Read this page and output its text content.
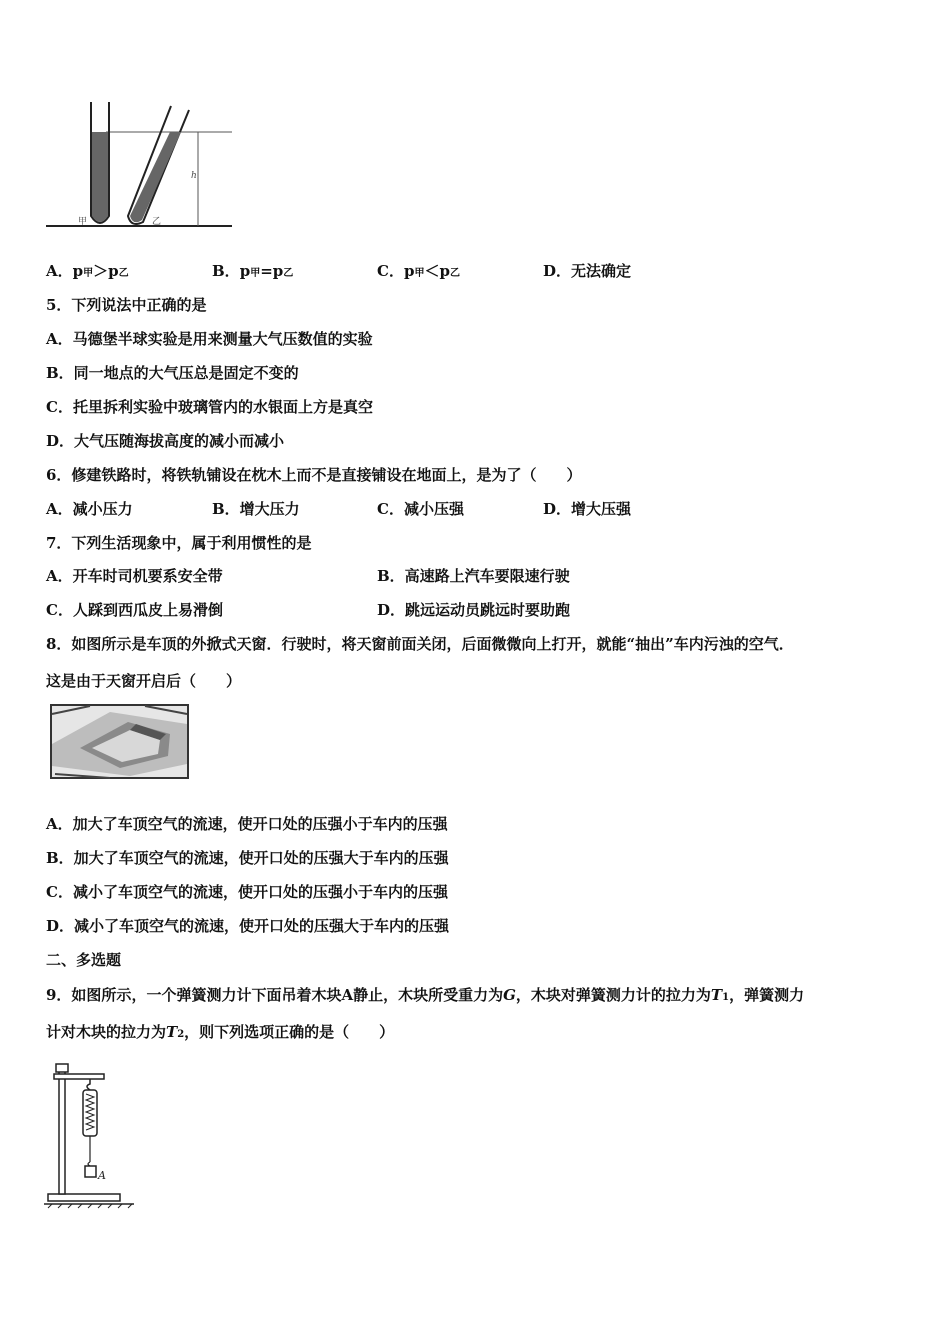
甲	乙
h
A．p甲＞p乙	B．p甲=p乙	C．p甲＜p乙	D．无法确定
5．下列说法中正确的是
A．马德堡半球实验是用来测量大气压数值的实验
B．同一地点的大气压总是固定不变的
C．托里拆利实验中玻璃管内的水银面上方是真空
D．大气压随海拔高度的减小而减小
6．修建铁路时，将铁轨铺设在枕木上而不是直接铺设在地面上，是为了（　　）
A．减小压力	B．增大压力	C．减小压强	D．增大压强
7．下列生活现象中，属于利用惯性的是
A．开车时司机要系安全带	B．高速路上汽车要限速行驶
C．人踩到西瓜皮上易滑倒	D．跳远运动员跳远时要助跑
8．如图所示是车顶的外掀式天窗．行驶时，将天窗前面关闭，后面微微向上打开，就能“抽出”车内污浊的空气．
这是由于天窗开启后（　　）
A．加大了车顶空气的流速，使开口处的压强小于车内的压强
B．加大了车顶空气的流速，使开口处的压强大于车内的压强
C．减小了车顶空气的流速，使开口处的压强小于车内的压强
D．减小了车顶空气的流速，使开口处的压强大于车内的压强
二、多选题
9．如图所示，一个弹簧测力计下面吊着木块A静止，木块所受重力为G，木块对弹簧测力计的拉力为T1，弹簧测力
计对木块的拉力为T2，则下列选项正确的是（　　）
A
